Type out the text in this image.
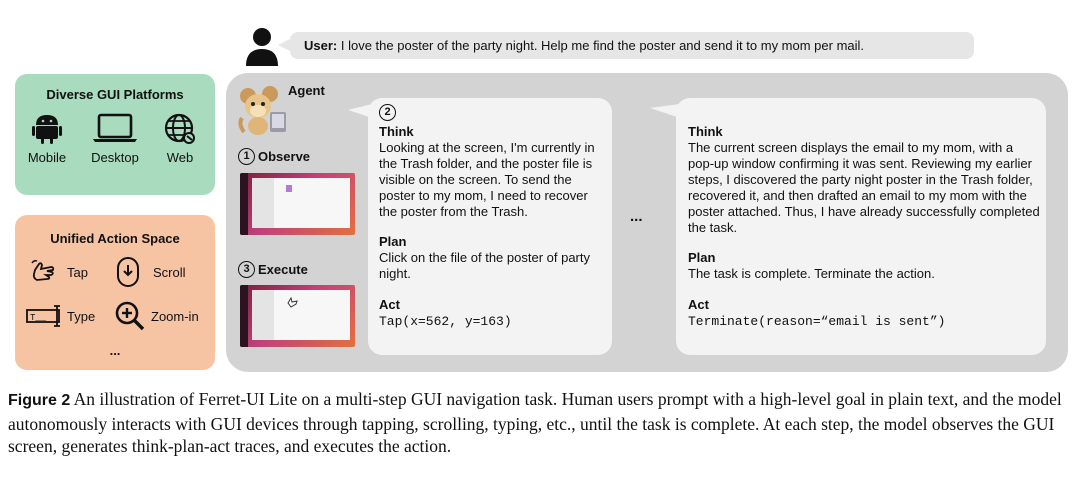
User: I love the poster of the party night. Help me find the poster and send it to my mom per mail.
Diverse GUI Platforms
Mobile	Desktop	Web
Unified Action Space
Tap	Scroll
T__ Type	Zoom-in
...
Agent
1 Observe
3 Execute
2
Think
Looking at the screen, I'm currently in the Trash folder, and the poster file is visible on the screen. To send the poster to my mom, I need to recover the poster from the Trash.
Plan
Click on the file of the poster of party night.
Act
Tap(x=562, y=163)
...
Think
The current screen displays the email to my mom, with a pop-up window confirming it was sent. Reviewing my earlier steps, I discovered the party night poster in the Trash folder, recovered it, and then drafted an email to my mom with the poster attached. Thus, I have already successfully completed the task.
Plan
The task is complete. Terminate the action.
Act
Terminate(reason=“email is sent”)
Figure 2 An illustration of Ferret-UI Lite on a multi-step GUI navigation task. Human users prompt with a high-level goal in plain text, and the model autonomously interacts with GUI devices through tapping, scrolling, typing, etc., until the task is complete. At each step, the model observes the GUI screen, generates think-plan-act traces, and executes the action.
